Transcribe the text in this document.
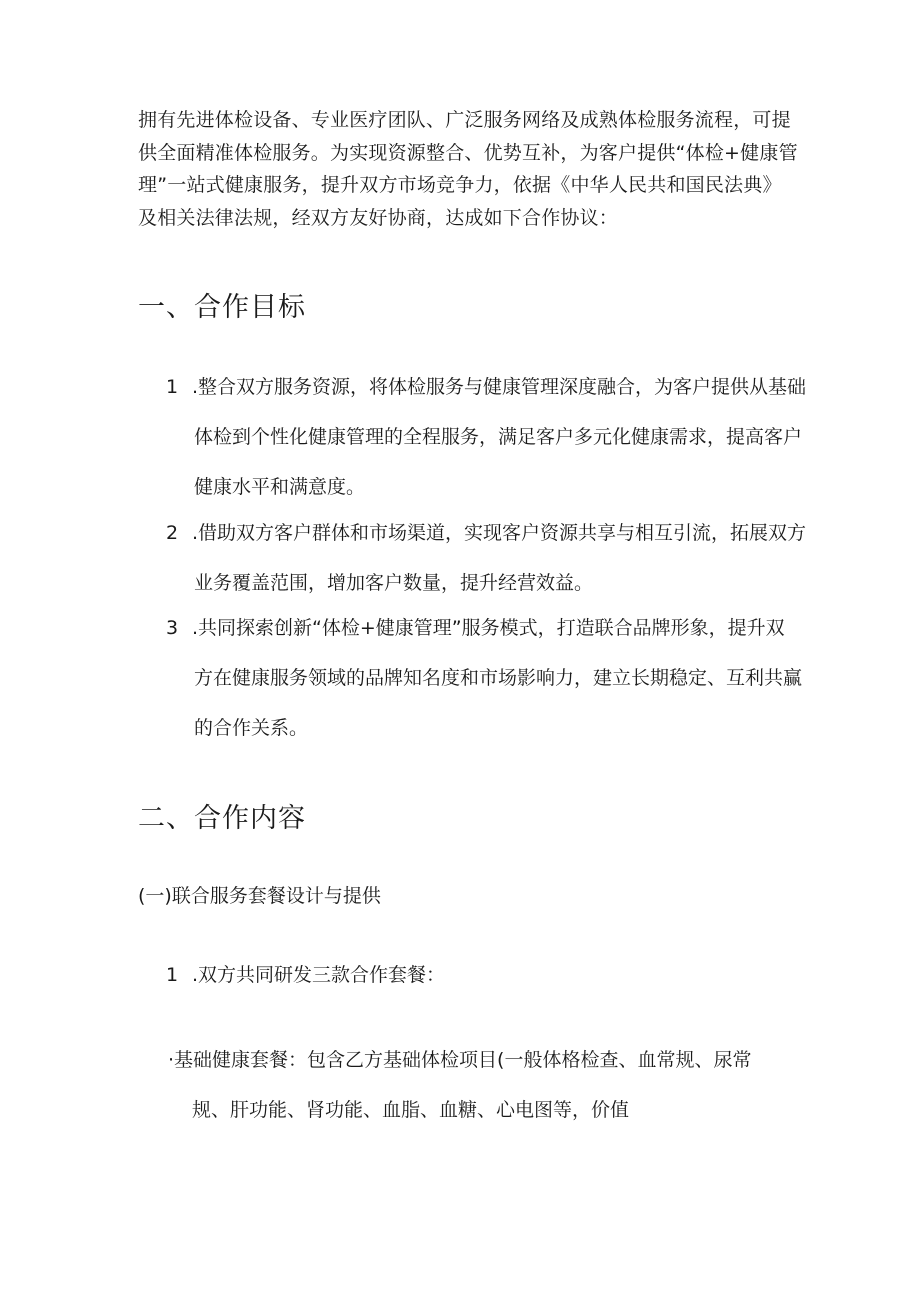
拥有先进体检设备、专业医疗团队、广泛服务网络及成熟体检服务流程，可提
供全面精准体检服务。为实现资源整合、优势互补，为客户提供“体检+健康管
理”一站式健康服务，提升双方市场竞争力，依据《中华人民共和国民法典》
及相关法律法规，经双方友好协商，达成如下合作协议：
一、合作目标
1 .整合双方服务资源，将体检服务与健康管理深度融合，为客户提供从基础
体检到个性化健康管理的全程服务，满足客户多元化健康需求，提高客户
健康水平和满意度。
2 .借助双方客户群体和市场渠道，实现客户资源共享与相互引流，拓展双方
业务覆盖范围，增加客户数量，提升经营效益。
3 .共同探索创新“体检+健康管理”服务模式，打造联合品牌形象，提升双
方在健康服务领域的品牌知名度和市场影响力，建立长期稳定、互利共赢
的合作关系。
二、合作内容
(一)联合服务套餐设计与提供
1 .双方共同研发三款合作套餐：
·基础健康套餐：包含乙方基础体检项目(一般体格检查、血常规、尿常
规、肝功能、肾功能、血脂、血糖、心电图等，价值
